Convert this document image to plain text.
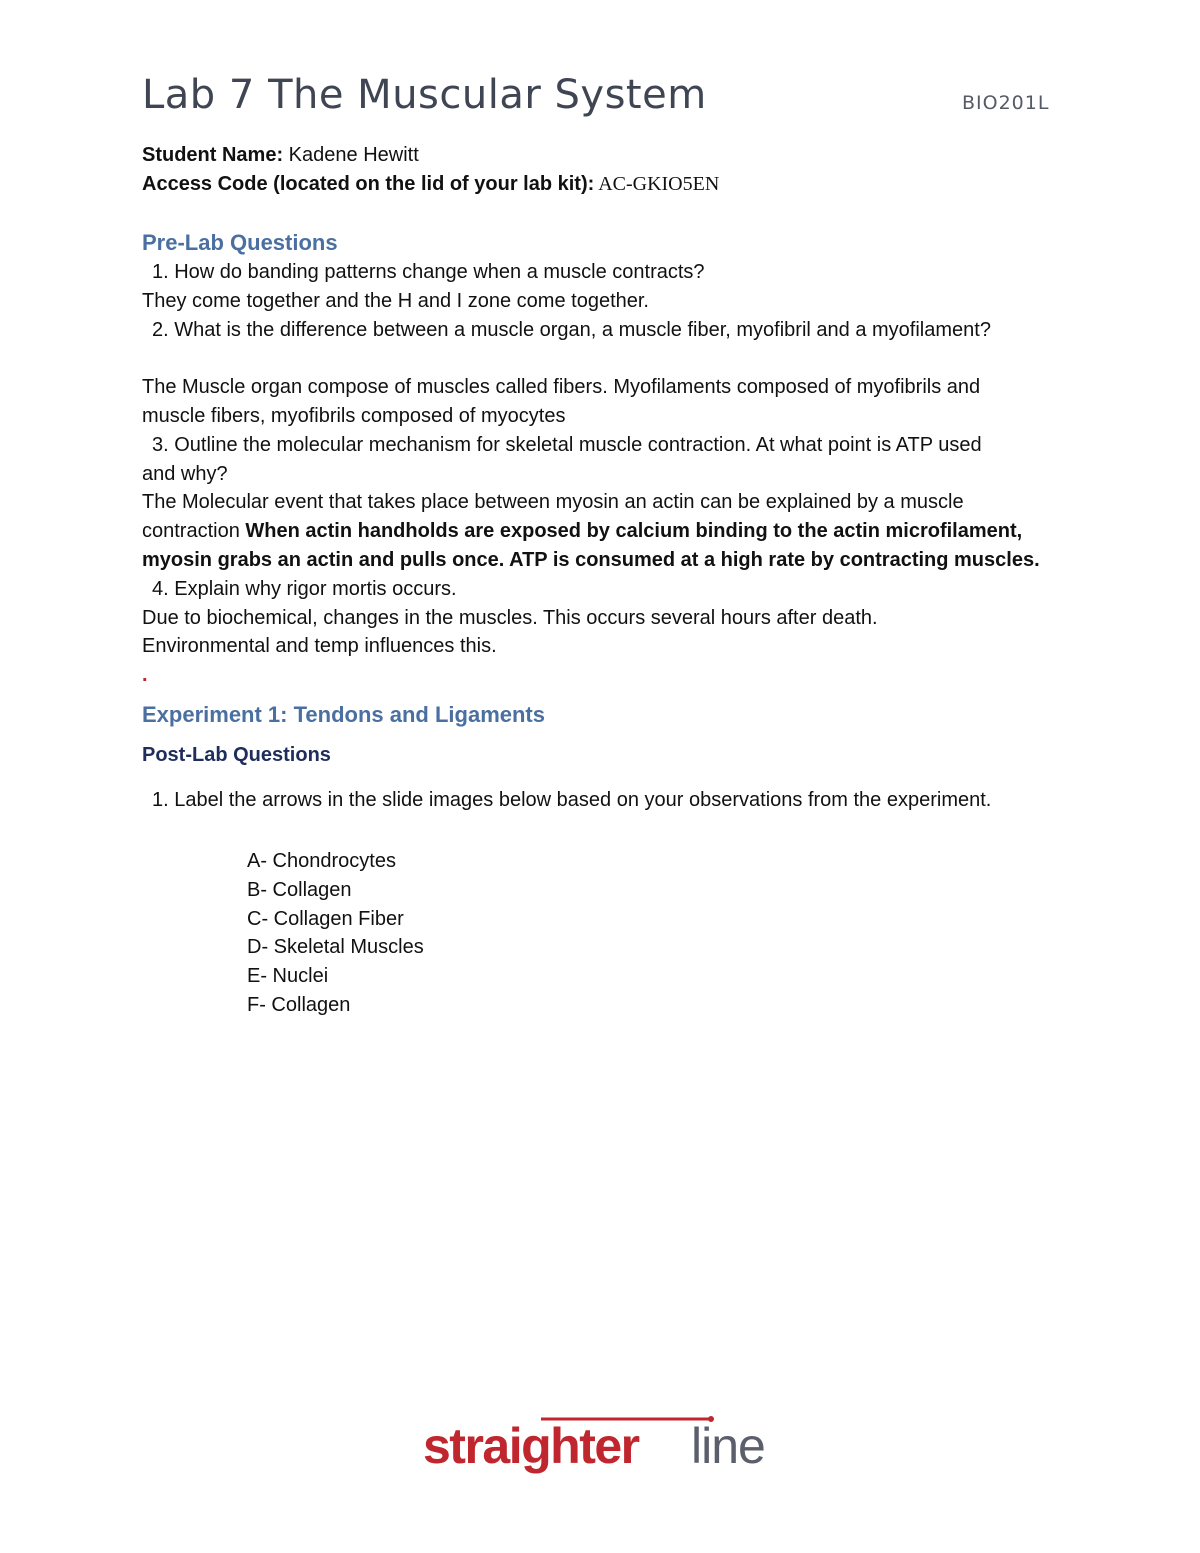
Lab 7 The Muscular System	BIO201L
Student Name: Kadene Hewitt
Access Code (located on the lid of your lab kit): AC-GKIO5EN
Pre-Lab Questions
1. How do banding patterns change when a muscle contracts?
They come together and the H and I zone come together.
2. What is the difference between a muscle organ, a muscle fiber, myofibril and a myofilament?
The Muscle organ compose of muscles called fibers. Myofilaments composed of myofibrils and
muscle fibers, myofibrils composed of myocytes
3. Outline the molecular mechanism for skeletal muscle contraction. At what point is ATP used
and why?
The Molecular event that takes place between myosin an actin can be explained by a muscle
contraction When actin handholds are exposed by calcium binding to the actin microfilament,
myosin grabs an actin and pulls once. ATP is consumed at a high rate by contracting muscles.
4. Explain why rigor mortis occurs.
Due to biochemical, changes in the muscles. This occurs several hours after death.
Environmental and temp influences this.
.
Experiment 1: Tendons and Ligaments
Post-Lab Questions
1. Label the arrows in the slide images below based on your observations from the experiment.
A- Chondrocytes
B- Collagen
C- Collagen Fiber
D- Skeletal Muscles
E- Nuclei
F- Collagen
straighter line
